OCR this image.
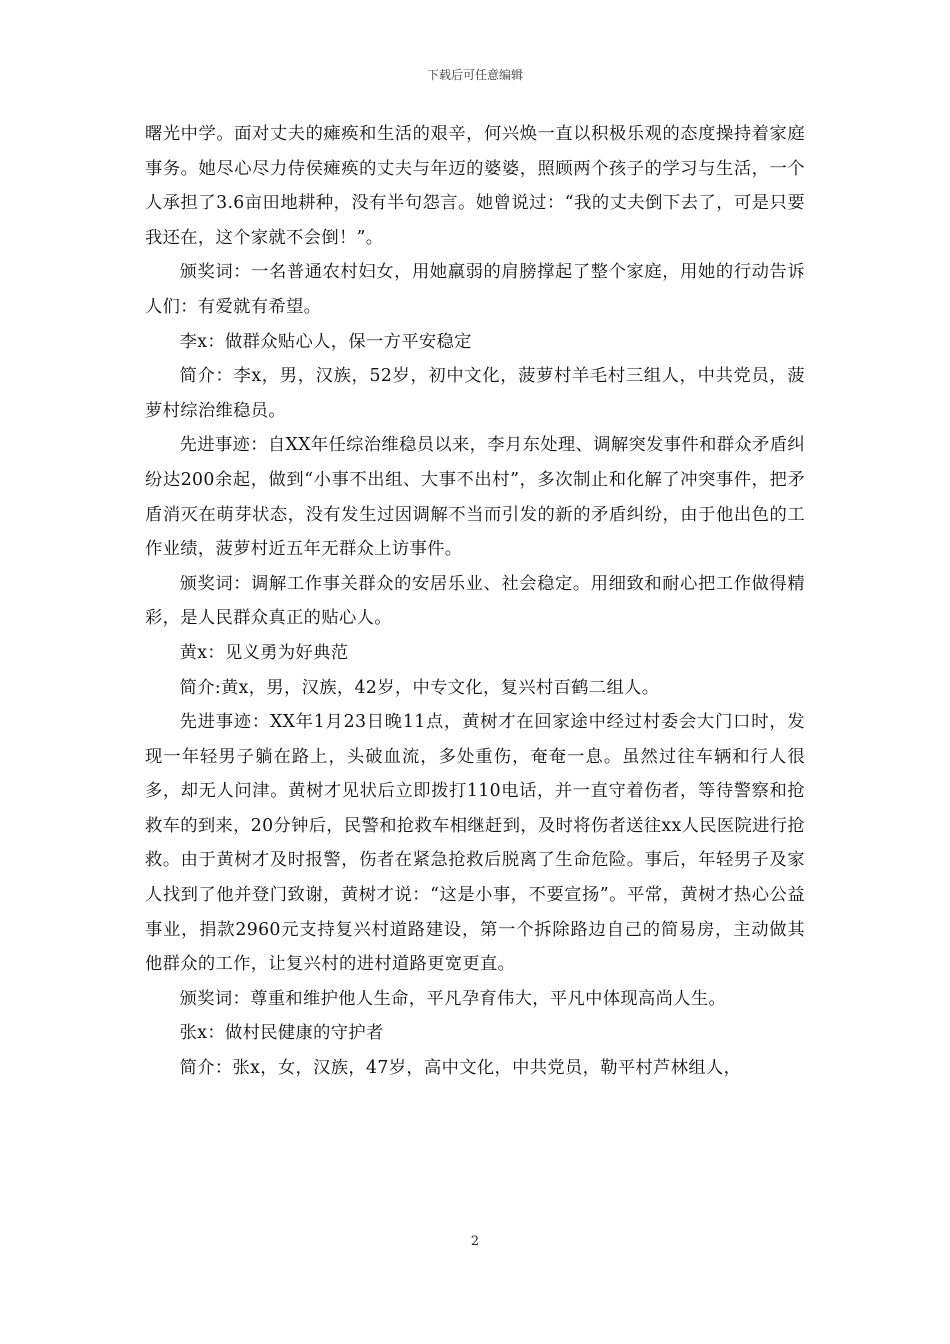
下载后可任意编辑

曙光中学。面对丈夫的瘫痪和生活的艰辛，何兴焕一直以积极乐观的态度操持着家庭事务。她尽心尽力侍侯瘫痪的丈夫与年迈的婆婆，照顾两个孩子的学习与生活，一个人承担了3.6亩田地耕种，没有半句怨言。她曾说过：“我的丈夫倒下去了，可是只要我还在，这个家就不会倒！”。

颁奖词：一名普通农村妇女，用她羸弱的肩膀撑起了整个家庭，用她的行动告诉人们：有爱就有希望。

李x：做群众贴心人，保一方平安稳定

简介：李x，男，汉族，52岁，初中文化，菠萝村羊毛村三组人，中共党员，菠萝村综治维稳员。

先进事迹：自XX年任综治维稳员以来，李月东处理、调解突发事件和群众矛盾纠纷达200余起，做到“小事不出组、大事不出村”，多次制止和化解了冲突事件，把矛盾消灭在萌芽状态，没有发生过因调解不当而引发的新的矛盾纠纷，由于他出色的工作业绩，菠萝村近五年无群众上访事件。

颁奖词：调解工作事关群众的安居乐业、社会稳定。用细致和耐心把工作做得精彩，是人民群众真正的贴心人。

黄x：见义勇为好典范

简介:黄x，男，汉族，42岁，中专文化，复兴村百鹤二组人。

先进事迹：XX年1月23日晚11点，黄树才在回家途中经过村委会大门口时，发现一年轻男子躺在路上，头破血流，多处重伤，奄奄一息。虽然过往车辆和行人很多，却无人问津。黄树才见状后立即拨打110电话，并一直守着伤者，等待警察和抢救车的到来，20分钟后，民警和抢救车相继赶到，及时将伤者送往xx人民医院进行抢救。由于黄树才及时报警，伤者在紧急抢救后脱离了生命危险。事后，年轻男子及家人找到了他并登门致谢，黄树才说：“这是小事，不要宣扬”。平常，黄树才热心公益事业，捐款2960元支持复兴村道路建设，第一个拆除路边自己的简易房，主动做其他群众的工作，让复兴村的进村道路更宽更直。

颁奖词：尊重和维护他人生命，平凡孕育伟大，平凡中体现高尚人生。

张x：做村民健康的守护者

简介：张x，女，汉族，47岁，高中文化，中共党员，勒平村芦林组人，

2
